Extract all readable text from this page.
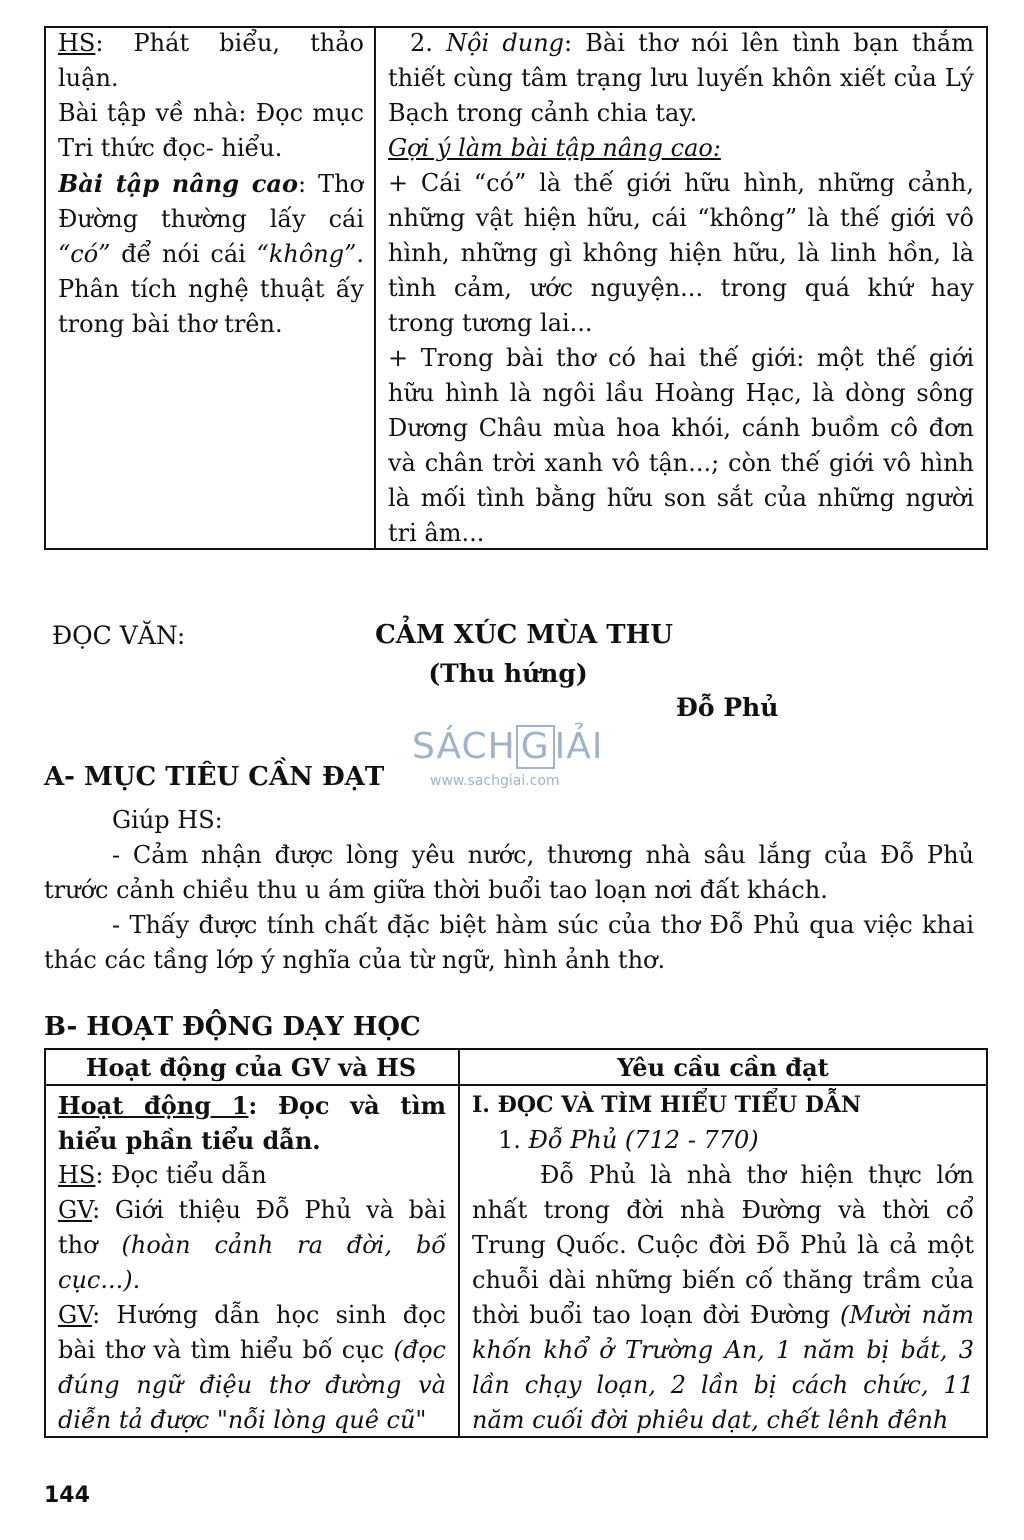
HS: Phát biểu, thảo luận.

Bài tập về nhà: Đọc mục Tri thức đọc- hiểu.

Bài tập nâng cao: Thơ Đường thường lấy cái “có” để nói cái “không”. Phân tích nghệ thuật ấy trong bài thơ trên.

2. Nội dung: Bài thơ nói lên tình bạn thắm thiết cùng tâm trạng lưu luyến khôn xiết của Lý Bạch trong cảnh chia tay.

Gợi ý làm bài tập nâng cao:

+ Cái “có” là thế giới hữu hình, những cảnh, những vật hiện hữu, cái “không” là thế giới vô hình, những gì không hiện hữu, là linh hồn, là tình cảm, ước nguyện... trong quá khứ hay trong tương lai...

+ Trong bài thơ có hai thế giới: một thế giới hữu hình là ngôi lầu Hoàng Hạc, là dòng sông Dương Châu mùa hoa khói, cánh buồm cô đơn và chân trời xanh vô tận...; còn thế giới vô hình là mối tình bằng hữu son sắt của những người tri âm...

ĐỌC VĂN:	CẢM XÚC MÙA THU
(Thu hứng)
Đỗ Phủ
SÁCH G IẢI
www.sachgiai.com
A- MỤC TIÊU CẦN ĐẠT
Giúp HS:

- Cảm nhận được lòng yêu nước, thương nhà sâu lắng của Đỗ Phủ trước cảnh chiều thu u ám giữa thời buổi tao loạn nơi đất khách.

- Thấy được tính chất đặc biệt hàm súc của thơ Đỗ Phủ qua việc khai thác các tầng lớp ý nghĩa của từ ngữ, hình ảnh thơ.

B- HOẠT ĐỘNG DẠY HỌC
Hoạt động của GV và HS	Yêu cầu cần đạt

Hoạt động 1: Đọc và tìm hiểu phần tiểu dẫn.

HS: Đọc tiểu dẫn

GV: Giới thiệu Đỗ Phủ và bài thơ (hoàn cảnh ra đời, bố cục...).

GV: Hướng dẫn học sinh đọc bài thơ và tìm hiểu bố cục (đọc đúng ngữ điệu thơ đường và diễn tả được "nỗi lòng quê cũ"

I. ĐỌC VÀ TÌM HIỂU TIỂU DẪN

1. Đỗ Phủ (712 - 770)

Đỗ Phủ là nhà thơ hiện thực lớn nhất trong đời nhà Đường và thời cổ Trung Quốc. Cuộc đời Đỗ Phủ là cả một chuỗi dài những biến cố thăng trầm của thời buổi tao loạn đời Đường (Mười năm khốn khổ ở Trường An, 1 năm bị bắt, 3 lần chạy loạn, 2 lần bị cách chức, 11 năm cuối đời phiêu dạt, chết lênh đênh

144
